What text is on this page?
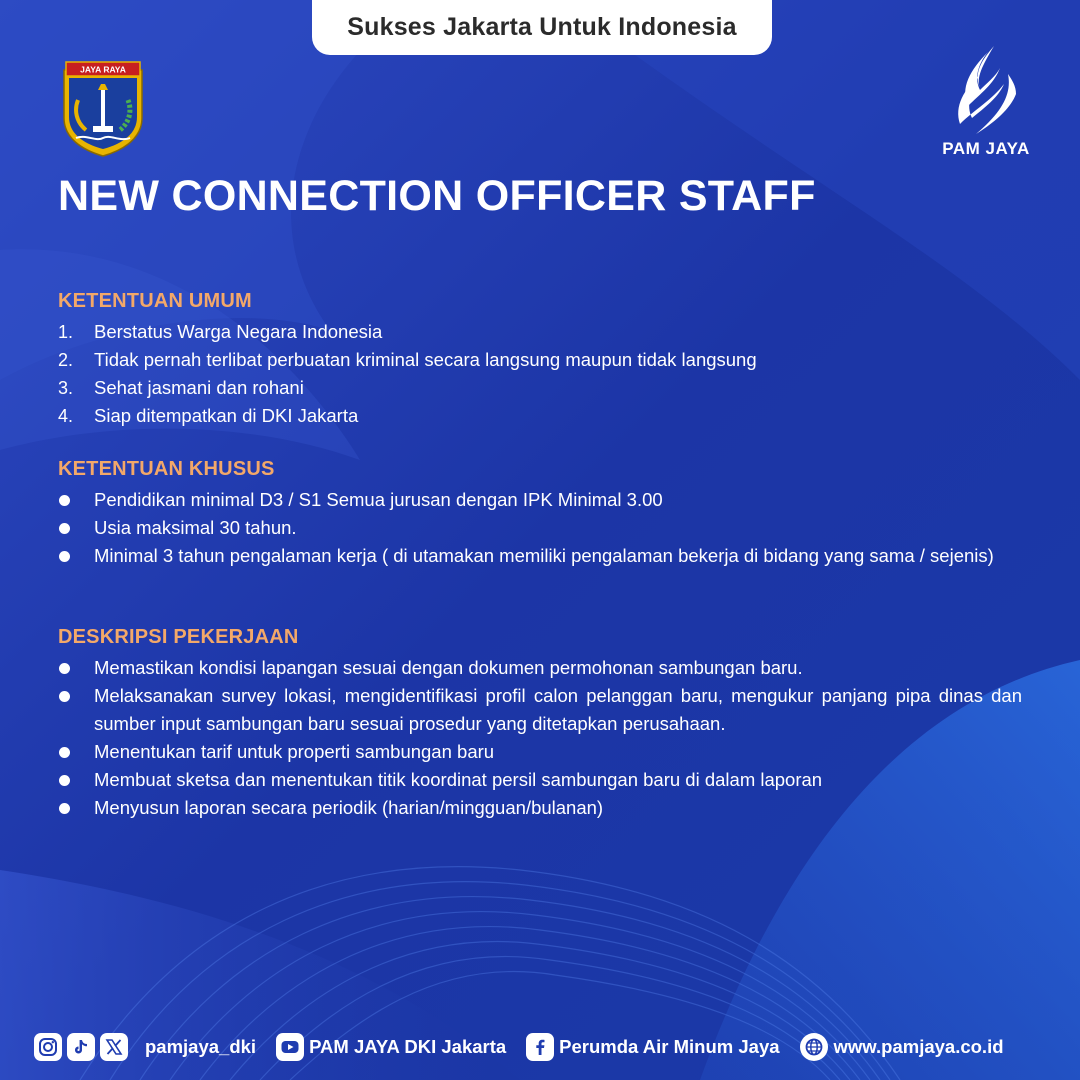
Sukses Jakarta Untuk Indonesia
JAYA RAYA
PAM JAYA
NEW CONNECTION OFFICER STAFF
KETENTUAN UMUM
1.	Berstatus Warga Negara Indonesia
2.	Tidak pernah terlibat perbuatan kriminal secara langsung maupun tidak langsung
3.	Sehat jasmani dan rohani
4.	Siap ditempatkan di DKI Jakarta
KETENTUAN KHUSUS
Pendidikan minimal D3 / S1 Semua jurusan dengan IPK Minimal 3.00
Usia maksimal 30 tahun.
Minimal 3 tahun pengalaman kerja ( di utamakan memiliki pengalaman bekerja di bidang yang sama / sejenis)
DESKRIPSI PEKERJAAN
Memastikan kondisi lapangan sesuai dengan dokumen permohonan sambungan baru.
Melaksanakan survey lokasi, mengidentifikasi profil calon pelanggan baru, mengukur panjang pipa dinas dan sumber input sambungan baru sesuai prosedur yang ditetapkan perusahaan.
Menentukan tarif untuk properti sambungan baru
Membuat sketsa dan menentukan titik koordinat persil sambungan baru di dalam laporan
Menyusun laporan secara periodik (harian/mingguan/bulanan)
pamjaya_dki	PAM JAYA DKI Jakarta	Perumda Air Minum Jaya	www.pamjaya.co.id
